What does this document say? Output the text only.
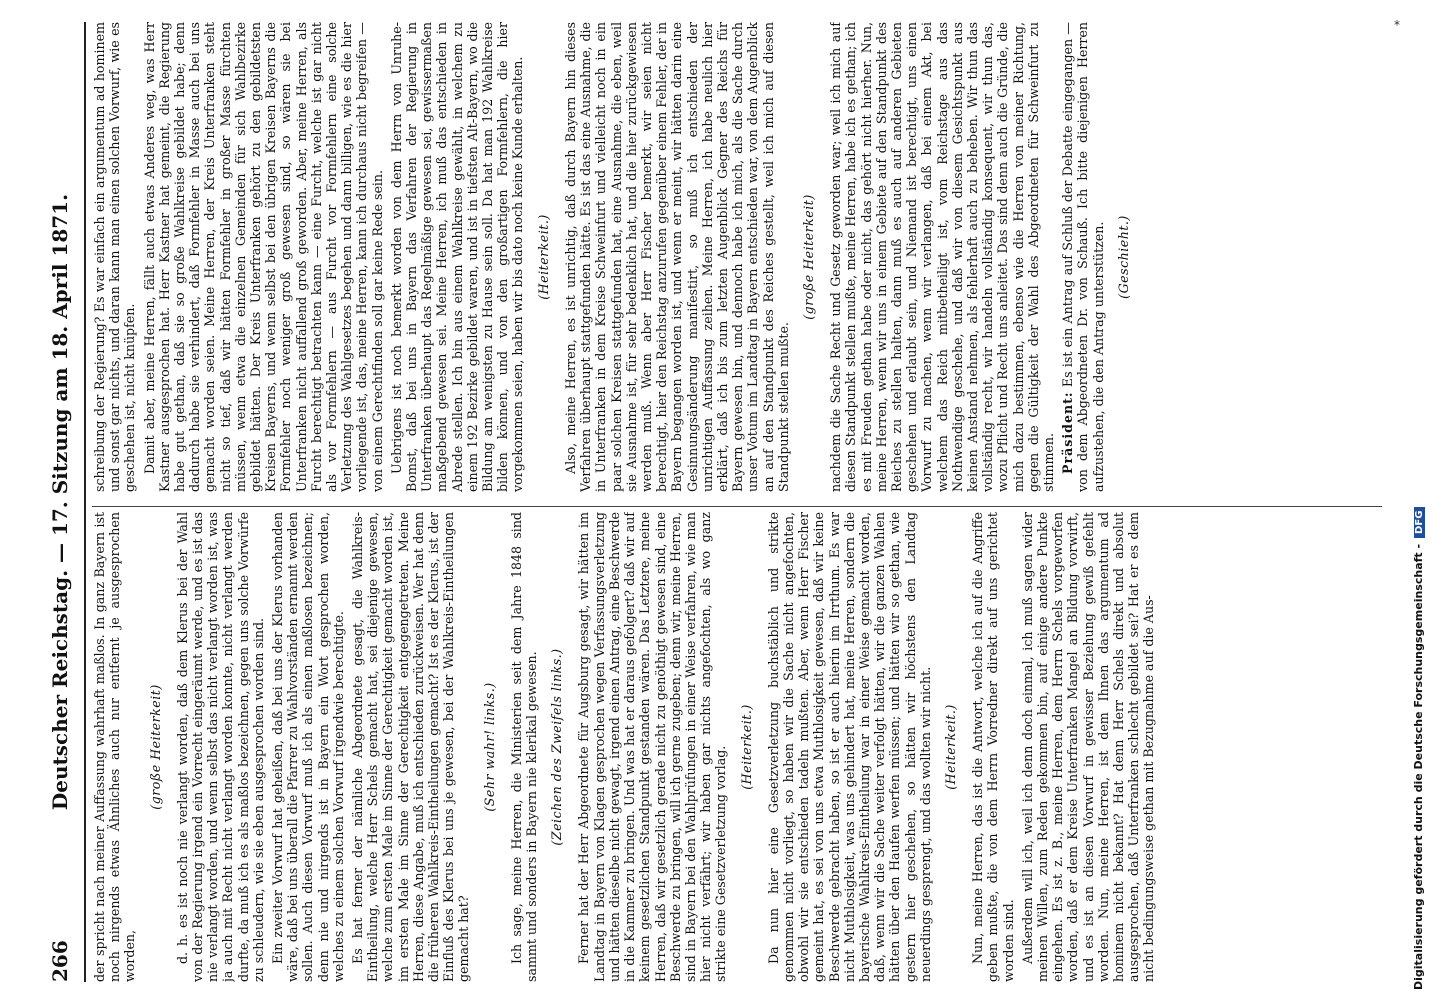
266
Deutscher Reichstag. — 17. Sitzung am 18. April 1871. der spricht nach meiner Auffassung wahrhaft maßlos. In ganz Bayern ist noch nirgends etwas Ähnliches auch nur entfernt je ausgesprochen worden,

(große Heiterkeit) d. h. es ist noch nie verlangt worden, daß dem Klerus bei der Wahl von der Regierung irgend ein Vorrecht eingeräumt werde, und es ist das nie verlangt worden, und wenn selbst das nicht verlangt worden ist, was ja auch mit Recht nicht verlangt worden konnte, nicht verlangt werden durfte, da muß ich es als maßlos bezeichnen, gegen uns solche Vorwürfe zu schleudern, wie sie eben ausgesprochen worden sind. Ein zweiter Vorwurf hat geheißen, daß bei uns der Klerus vorhanden wäre, daß bei uns überall die Pfarrer zu Wahlvorständen ernannt werden sollen. Auch diesen Vorwurf muß ich als einen maßlosen bezeichnen; denn nie und nirgends ist in Bayern ein Wort gesprochen worden, welches zu einem solchen Vorwurf irgendwie berechtigte. Es hat ferner der nämliche Abgeordnete gesagt, die Wahlkreis-Eintheilung, welche Herr Schels gemacht hat, sei diejenige gewesen, welche zum ersten Male im Sinne der Gerechtigkeit gemacht worden ist, im ersten Male im Sinne der Gerechtigkeit entgegengetreten. Meine Herren, diese Angabe, muß ich entschieden zurückweisen. Wer hat denn die früheren Wahlkreis-Eintheilungen gemacht? Ist es der Klerus, ist der Einfluß des Klerus bei uns je gewesen, bei der Wahlkreis-Eintheilungen gemacht hat?

(Sehr wahr! links.) Ich sage, meine Herren, die Ministerien seit dem Jahre 1848 sind sammt und sonders in Bayern nie klerikal gewesen. (Zeichen des Zweifels links.) Ferner hat der Herr Abgeordnete für Augsburg gesagt, wir hätten im Landtag in Bayern von Klagen gesprochen wegen Verfassungsverletzung und hätten dieselbe nicht gewagt, irgend einen Antrag, eine Beschwerde in die Kammer zu bringen. Und was hat er daraus gefolgert? daß wir auf keinem gesetzlichen Standpunkt gestanden wären. Das Letztere, meine Herren, daß wir gesetzlich gerade nicht zu genöthigt gewesen sind, eine Beschwerde zu bringen, will ich gerne zugeben; denn wir, meine Herren, sind in Bayern bei den Wahlprüfungen in einer Weise verfahren, wie man hier nicht verfährt; wir haben gar nichts angefochten, als wo ganz strikte eine Gesetzverletzung vorlag. (Heiterkeit.) Da nun hier eine Gesetzverletzung buchstäblich und strikte genommen nicht vorliegt, so haben wir die Sache nicht angefochten, obwohl wir sie entschieden tadeln mußten. Aber, wenn Herr Fischer gemeint hat, es sei von uns etwa Muthlosigkeit gewesen, daß wir keine Beschwerde gebracht haben, so ist er auch hierin im Irrthum. Es war nicht Muthlosigkeit, was uns gehindert hat, meine Herren, sondern die bayerische Wahlkreis-Eintheilung war in einer Weise gemacht worden, daß, wenn wir die Sache weiter verfolgt hätten, wir die ganzen Wahlen hätten über den Haufen werfen müssen; und hätten wir so gethan, wie gestern hier geschehen, so hätten wir höchstens den Landtag neuerdings gesprengt, und das wollten wir nicht. (Heiterkeit.) Nun, meine Herren, das ist die Antwort, welche ich auf die Angriffe geben mußte, die von dem Herrn Vorredner direkt auf uns gerichtet worden sind. Außerdem will ich, weil ich denn doch einmal, ich muß sagen wider meinen Willen, zum Reden gekommen bin, auf einige andere Punkte eingehen. Es ist z. B., meine Herren, dem Herrn Schels vorgeworfen worden, daß er dem Kreise Unterfranken Mangel an Bildung vorwirft, und es ist an diesen Vorwurf in gewisser Beziehung gewiß gefehlt worden. Nun, meine Herren, ist dem Ihnen das argumentum ad hominem nicht bekannt? Hat denn Herr Schels direkt und absolut ausgesprochen, daß Unterfranken schlecht gebildet sei? Hat er es dem nicht bedingungsweise gethan mit Bezugnahme auf die Aus-

schreibung der Regierung? Es war einfach ein argumentum ad hominem und sonst gar nichts, und daran kann man einen solchen Vorwurf, wie es geschehen ist, nicht knüpfen. Damit aber, meine Herren, fällt auch etwas Anderes weg, was Herr Kastner ausgesprochen hat. Herr Kastner hat gemeint, die Regierung habe gut gethan, daß sie so große Wahlkreise gebildet habe; denn dadurch habe sie verhindert, daß Formfehler in Masse auch bei uns gemacht worden seien. Meine Herren, der Kreis Unterfranken steht nicht so tief, daß wir hätten Formfehler in großer Masse fürchten müssen, wenn etwa die einzelnen Gemeinden für sich Wahlbezirke gebildet hätten. Der Kreis Unterfranken gehört zu den gebildetsten Kreisen Bayerns, und wenn selbst bei den übrigen Kreisen Bayerns die Formfehler noch weniger groß gewesen sind, so wären sie bei Unterfranken nicht auffallend groß geworden. Aber, meine Herren, als Furcht berechtigt betrachten kann — eine Furcht, welche ist gar nicht als vor Formfehlern — aus Furcht vor Formfehlern eine solche Verletzung des Wahlgesetzes begehen und dann billigen, wie es die hier vorliegende ist, das, meine Herren, kann ich durchaus nicht begreifen — von einem Gerechtfinden soll gar keine Rede sein. Uebrigens ist noch bemerkt worden von dem Herrn von Unruhe-Bomst, daß bei uns in Bayern das Verfahren der Regierung in Unterfranken überhaupt das Regelmäßige gewesen sei, gewissermaßen maßgebend gewesen sei. Meine Herren, ich muß das entschieden in Abrede stellen. Ich bin aus einem Wahlkreise gewählt, in welchem zu einem 192 Bezirke gebildet waren, und ist in tiefsten Alt-Bayern, wo die Bildung am wenigsten zu Hause sein soll. Da hat man 192 Wahlkreise bilden können, und von den großartigen Formfehlern, die hier vorgekommen seien, haben wir bis dato noch keine Kunde erhalten. (Heiterkeit.) Also, meine Herren, es ist unrichtig, daß durch Bayern hin dieses Verfahren überhaupt stattgefunden hätte. Es ist das eine Ausnahme, die in Unterfranken in dem Kreise Schweinfurt und vielleicht noch in ein paar solchen Kreisen stattgefunden hat, eine Ausnahme, die eben, weil sie Ausnahme ist, für sehr bedenklich hat, und die hier zurückgewiesen werden muß. Wenn aber Herr Fischer bemerkt, wir seien nicht berechtigt, hier den Reichstag anzurufen gegenüber einem Fehler, der in Bayern begangen worden ist, und wenn er meint, wir hätten darin eine Gesinnungsänderung manifestirt, so muß ich entschieden der unrichtigen Auffassung zeihen. Meine Herren, ich habe neulich hier erklärt, daß ich bis zum letzten Augenblick Gegner des Reichs für Bayern gewesen bin, und dennoch habe ich mich, als die Sache durch unser Votum im Landtag in Bayern entschieden war, von dem Augenblick an auf den Standpunkt des Reiches gestellt, weil ich mich auf diesen Standpunkt stellen mußte.

(große Heiterkeit) nachdem die Sache Recht und Gesetz geworden war; weil ich mich auf diesen Standpunkt stellen mußte, meine Herren, habe ich es gethan; ich es mit Freuden gethan habe oder nicht, das gehört nicht hierher. Nun, meine Herren, wenn wir uns in einem Gebiete auf den Standpunkt des Reiches zu stellen halten, dann muß es auch auf anderen Gebieten geschehen und erlaubt sein, und Niemand ist berechtigt, uns einen Vorwurf zu machen, wenn wir verlangen, daß bei einem Akt, bei welchem das Reich mitbetheiligt ist, vom Reichstage aus das Nothwendige geschehe, und daß wir von diesem Gesichtspunkt aus keinen Anstand nehmen, als fehlerhaft auch zu beheben. Wir thun das vollständig recht, wir handeln vollständig konsequent, wir thun das, wozu Pflicht und Recht uns anleitet. Das sind denn auch die Gründe, die mich dazu bestimmen, ebenso wie die Herren von meiner Richtung, gegen die Gültigkeit der Wahl des Abgeordneten für Schweinfurt zu stimmen. Präsident: Es ist ein Antrag auf Schluß der Debatte eingegangen — von dem Abgeordneten Dr. von Schauß. Ich bitte diejenigen Herren aufzustehen, die den Antrag unterstützen. (Geschieht.)

*
Digitalisierung gefördert durch die Deutsche Forschungsgemeinschaft -DFG
